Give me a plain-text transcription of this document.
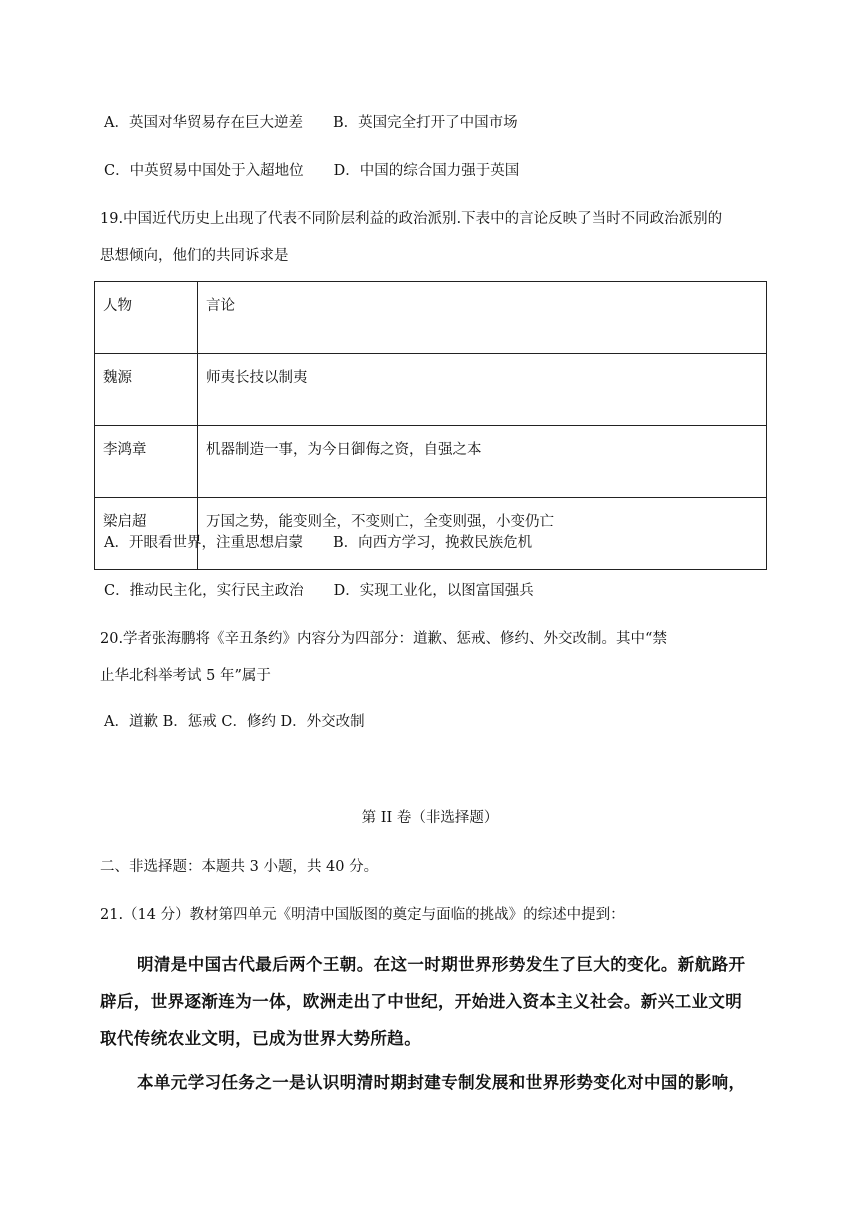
A．英国对华贸易存在巨大逆差 B．英国完全打开了中国市场
C．中英贸易中国处于入超地位 D．中国的综合国力强于英国
19.中国近代历史上出现了代表不同阶层利益的政治派别.下表中的言论反映了当时不同政治派别的
思想倾向，他们的共同诉求是
人物	言论
魏源	师夷长技以制夷
李鸿章	机器制造一事，为今日御侮之资，自强之本
梁启超	万国之势，能变则全，不变则亡，全变则强，小变仍亡
A．开眼看世界，注重思想启蒙 B．向西方学习，挽救民族危机
C．推动民主化，实行民主政治 D．实现工业化，以图富国强兵
20.学者张海鹏将《辛丑条约》内容分为四部分：道歉、惩戒、修约、外交改制。其中“禁
止华北科举考试 5 年”属于
A．道歉 B．惩戒 C．修约 D．外交改制
第 II 卷（非选择题）
二、非选择题：本题共 3 小题，共 40 分。
21.（14 分）教材第四单元《明清中国版图的奠定与面临的挑战》的综述中提到：
明清是中国古代最后两个王朝。在这一时期世界形势发生了巨大的变化。新航路开
辟后，世界逐渐连为一体，欧洲走出了中世纪，开始进入资本主义社会。新兴工业文明
取代传统农业文明，已成为世界大势所趋。
本单元学习任务之一是认识明清时期封建专制发展和世界形势变化对中国的影响，
